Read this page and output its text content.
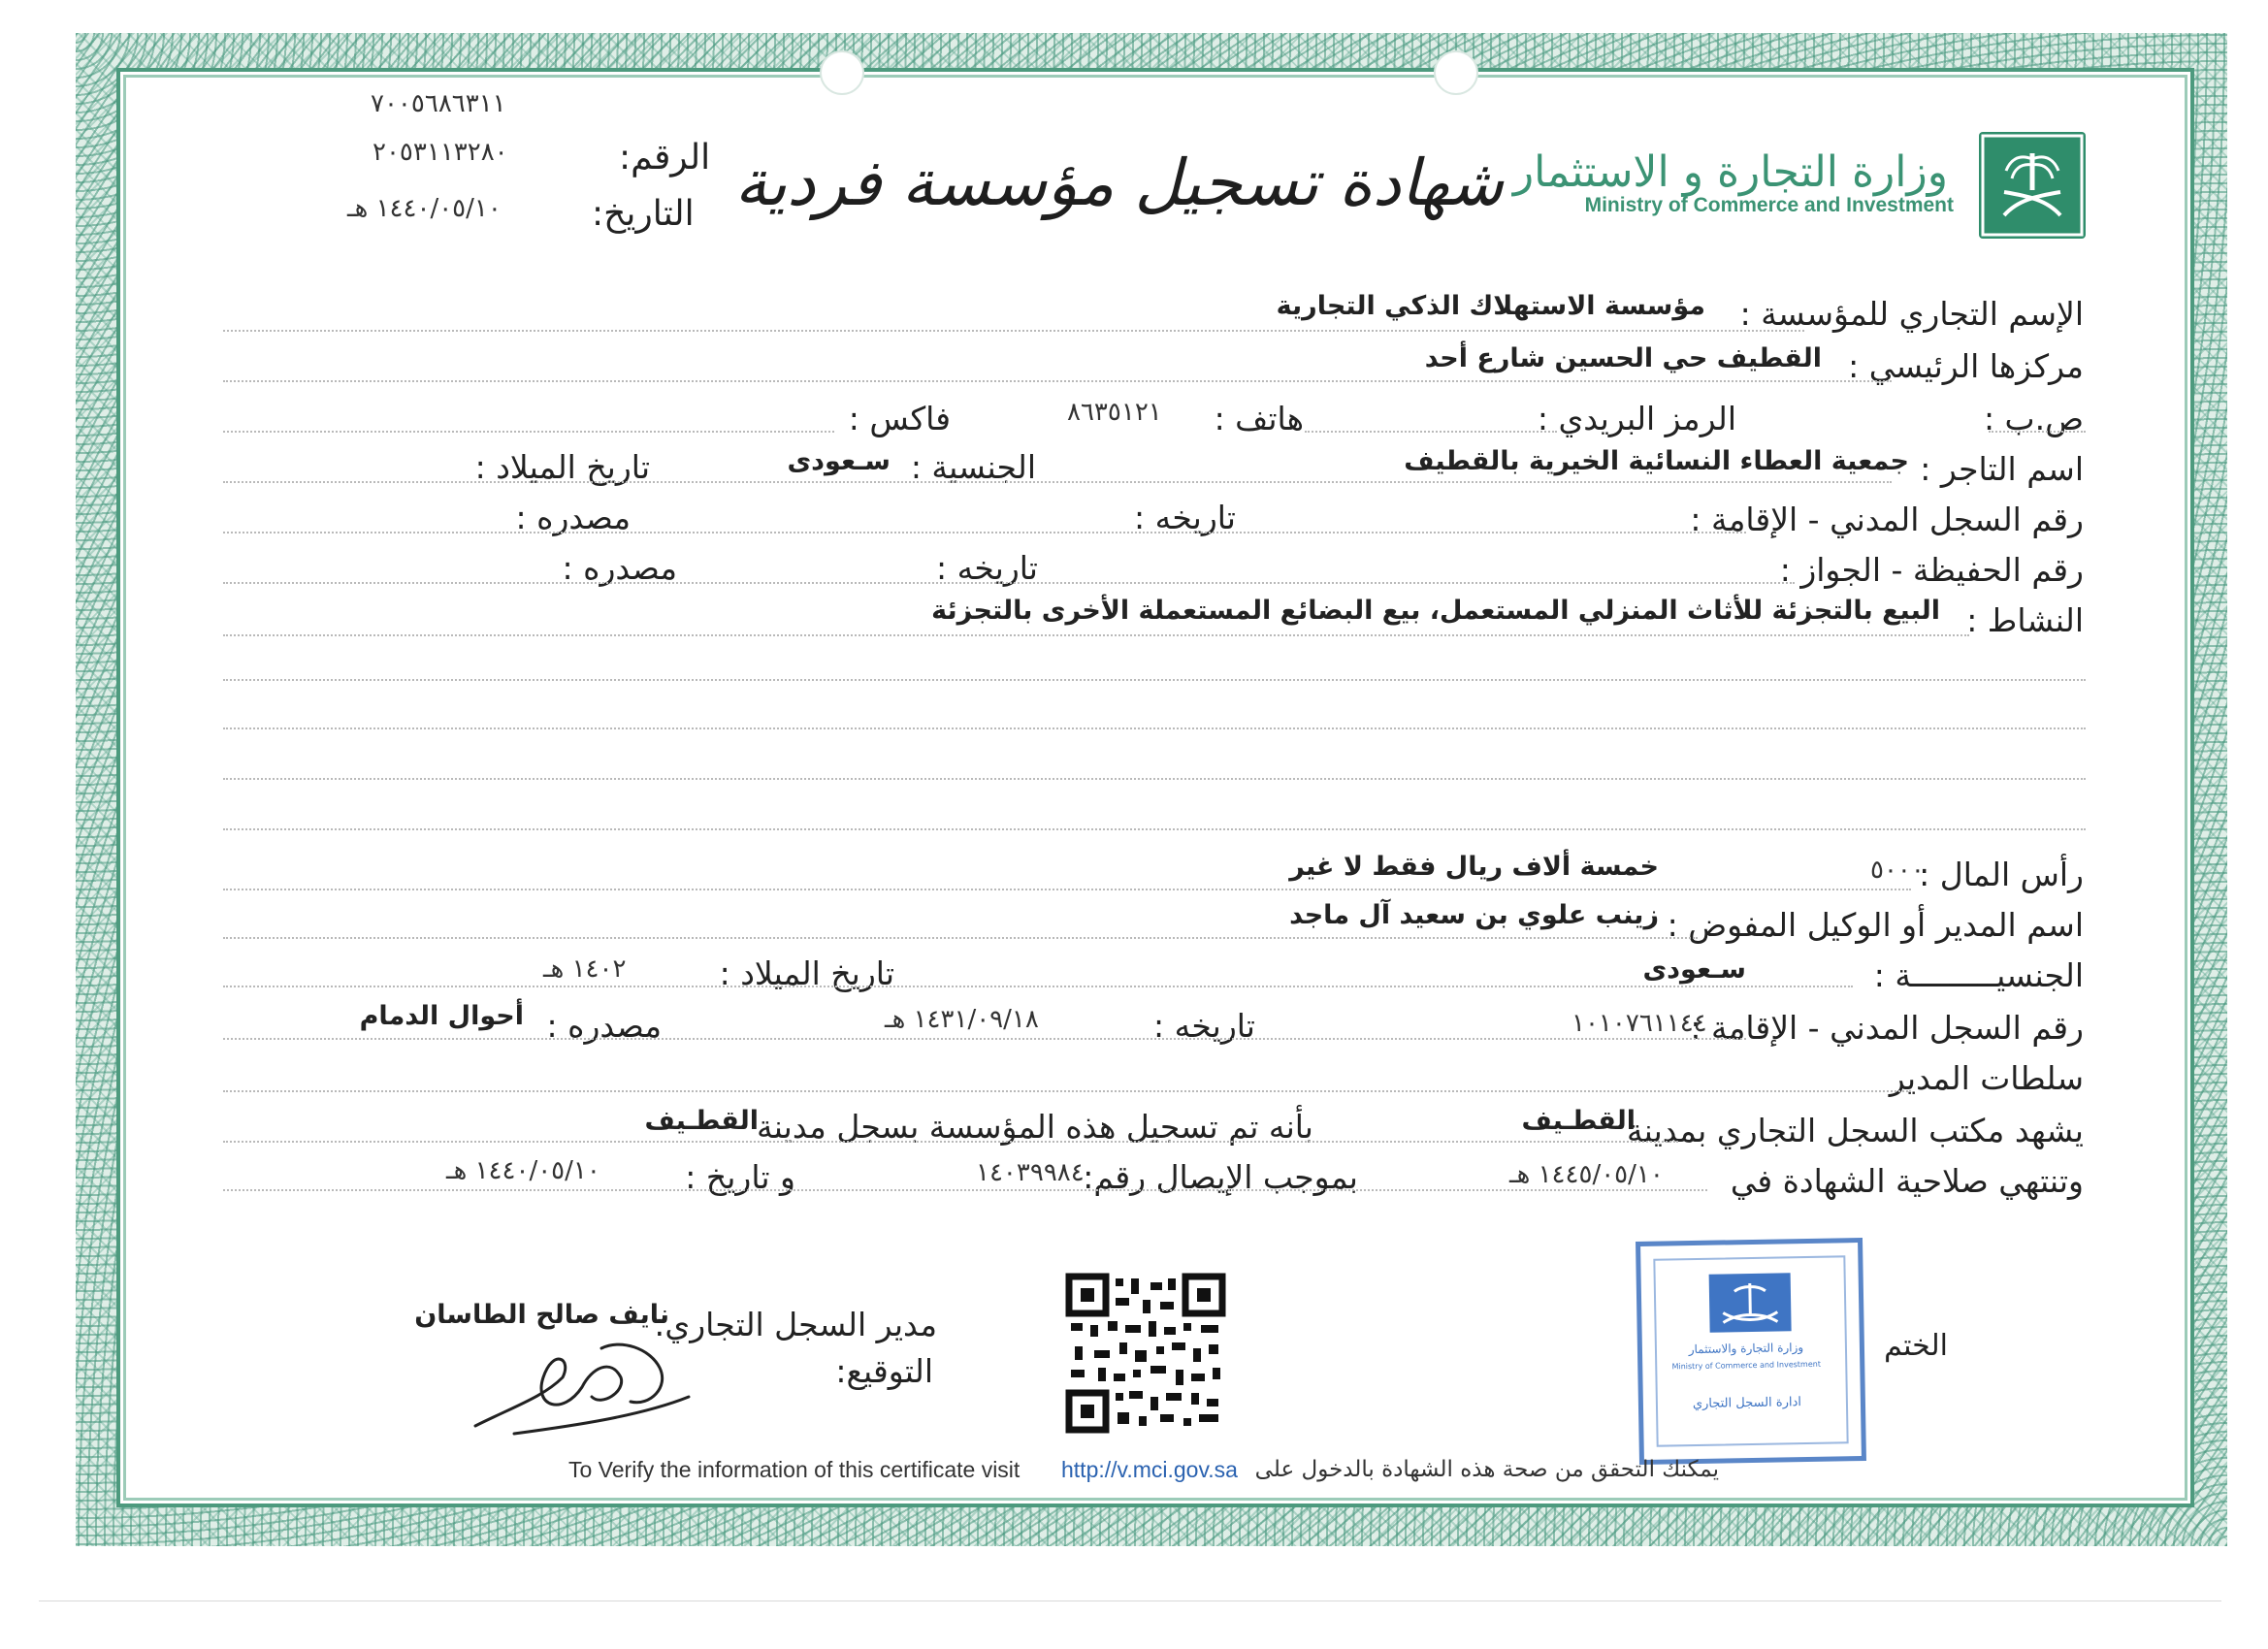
وزارة التجارة و الاستثمار
Ministry of Commerce and Investment
شهادة تسجيل مؤسسة فردية
٧٠٠٥٦٨٦٣١١
الرقم:
٢٠٥٣١١٣٢٨٠
التاريخ:
١٤٤٠/٠٥/١٠ هـ
الإسم التجاري للمؤسسة :
مؤسسة الاستهلاك الذكي التجارية
مركزها الرئيسي :
القطيف حي الحسين شارع أحد
ص.ب :
الرمز البريدي :
هاتف :
٨٦٣٥١٢١
فاكس :
اسم التاجر :
جمعية العطاء النسائية الخيرية بالقطيف
الجنسية :
سـعودى
تاريخ الميلاد :
رقم السجل المدني - الإقامة :
تاريخه :
مصدره :
رقم الحفيظة - الجواز :
تاريخه :
مصدره :
النشاط :
البيع بالتجزئة للأثاث المنزلي المستعمل، بيع البضائع المستعملة الأخرى بالتجزئة
رأس المال :
٥٠٠٠
خمسة ألاف ريال فقط لا غير
اسم المدير أو الوكيل المفوض :
زينب علوي بن سعيد آل ماجد
الجنسيـــــــــة :
سـعودى
تاريخ الميلاد :
١٤٠٢ هـ
رقم السجل المدني - الإقامة :
١٠١٠٧٦١١٤٤
تاريخه :
١٤٣١/٠٩/١٨ هـ
مصدره :
أحوال الدمام
سلطات المدير
يشهد مكتب السجل التجاري بمدينة
القطـيف
بأنه تم تسجيل هذه المؤسسة بسجل مدينة
القطـيف
وتنتهي صلاحية الشهادة في
١٤٤٥/٠٥/١٠ هـ
بموجب الإيصال رقم:
١٤٠٣٩٩٨٤
و تاريخ :
١٤٤٠/٠٥/١٠ هـ
الختم
وزارة التجارة والاستثمار
Ministry of Commerce and Investment
ادارة السجل التجاري
مدير السجل التجاري:
نايف صالح الطاسان
التوقيع:
To Verify the information of this certificate visit http://v.mci.gov.sa يمكنك التحقق من صحة هذه الشهادة بالدخول على
